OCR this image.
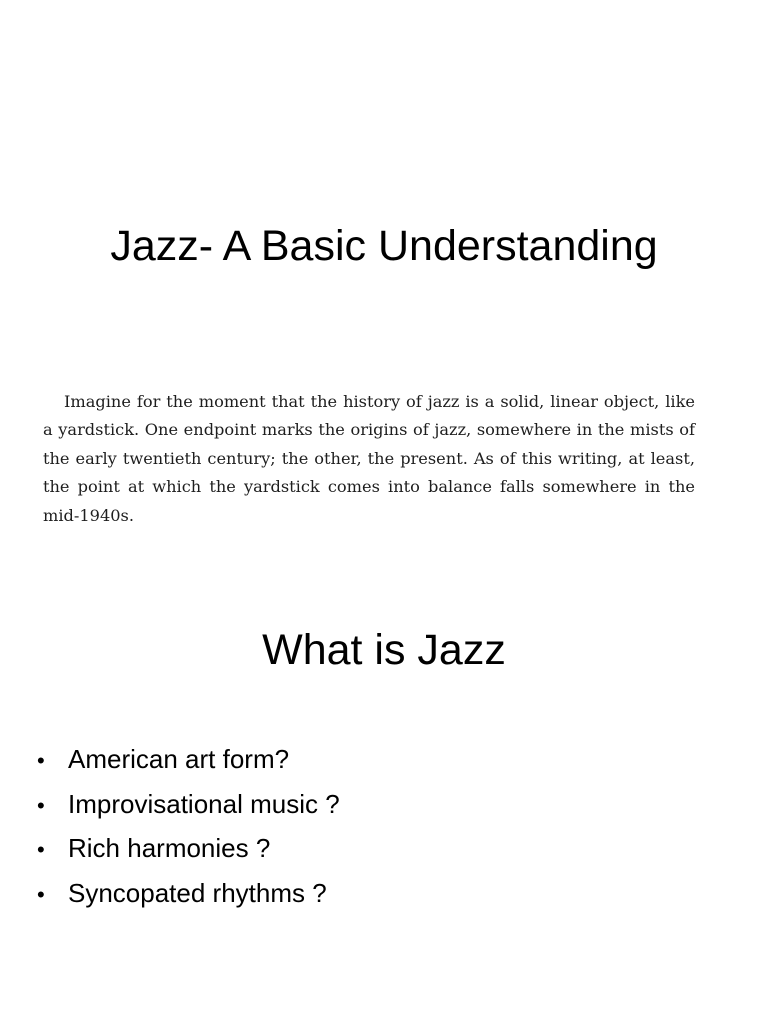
Jazz- A Basic Understanding

Imagine for the moment that the history of jazz is a solid, linear object, like a yardstick. One endpoint marks the origins of jazz, somewhere in the mists of the early twentieth century; the other, the present. As of this writing, at least, the point at which the yardstick comes into balance falls somewhere in the mid-1940s.

What is Jazz
• American art form?
• Improvisational music ?
• Rich harmonies ?
• Syncopated rhythms ?
